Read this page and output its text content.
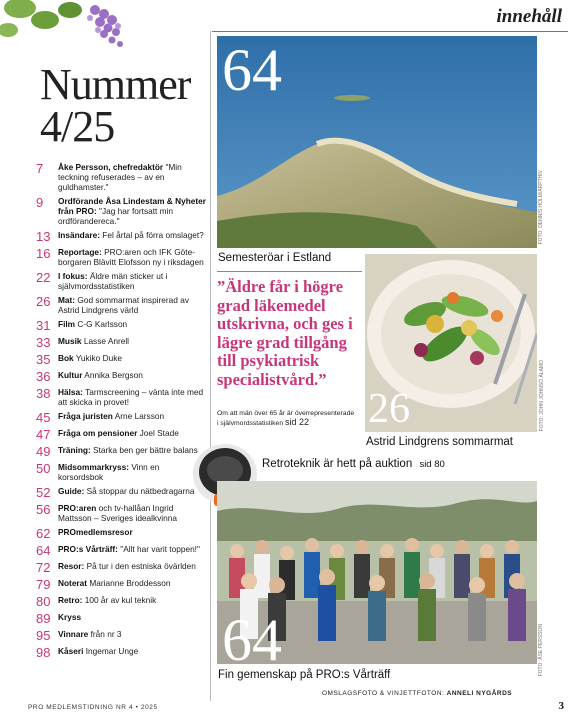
innehåll
Nummer
4/25
7	Åke Persson, chefredaktör "Min teckning refuserades – av en guldhamster."
9	Ordförande Åsa Lindestam & Nyheter från PRO: "Jag har fortsatt min ordförandereса."
13 Insändare: Fel årtal på förra omslaget?
16 Reportage: PRO:aren och IFK Göte-borgaren Blävitt Elofsson ny i riksdagen
22 I fokus: Äldre män sticker ut i självmordsstatistiken
26 Mat: God sommarmat inspirerad av Astrid Lindgrens värld
31 Film C-G Karlsson
33 Musik Lasse Anrell
35 Bok Yukiko Duke
36 Kultur Annika Bergson
38 Hälsa: Tarmscreening – vänta inte med att skicka in provet!
45 Fråga juristen Arne Larsson
47 Fråga om pensioner Joel Stade
49 Träning: Starka ben ger bättre balans
50 Midsommarkryss: Vinn en korsordsbok
52 Guide: Så stoppar du nätbedragarna
56 PRO:aren och tv-hallåan Ingrid Mattsson – Sveriges idealkvinna
62 PROmedlemsresor
64 PRO:s Vårträff: "Allt har varit toppen!"
72 Resor: På tur i den estniska övärlden
79 Noterat Marianne Broddesson
80 Retro: 100 år av kul teknik
89 Kryss
95 Vinnare från nr 3
98 Kåseri Ingemar Unge
64
FOTO: DENNIS HOLM/ARPTHIV
Semesteröar i Estland
”Äldre får i högre grad läkemedel utskrivna, och ges i lägre grad tillgång till psykiatrisk specialistvård.”
Om att män över 65 år är överrepresenterade i självmordsstatistiken sid 22	26	FOTO: JOHN JOHNSÖ ÅLAMO
Astrid Lindgrens sommarmat
Retroteknik är hett på auktion sid 80
64	FOTO: ÅSE PERSSON
Fin gemenskap på PRO:s Vårträff
OMSLAGSFOTO & VINJETTFOTON: ANNELI NYGÅRDS
PRO MEDLEMSTIDNING NR 4 • 2025	3
